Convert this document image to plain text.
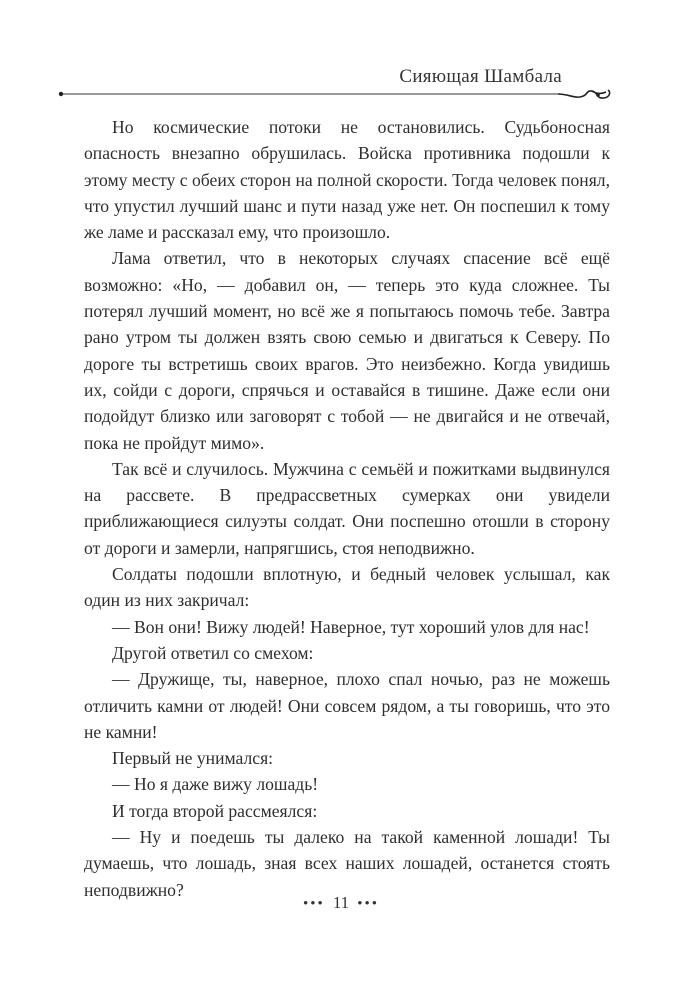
Сияющая Шамбала

Но космические потоки не остановились. Судьбоносная опасность внезапно обрушилась. Войска противника подошли к этому месту с обеих сторон на полной скорости. Тогда человек понял, что упустил лучший шанс и пути назад уже нет. Он поспешил к тому же ламе и рассказал ему, что произошло.

Лама ответил, что в некоторых случаях спасение всё ещё возможно: «Но, — добавил он, — теперь это куда сложнее. Ты потерял лучший момент, но всё же я попытаюсь помочь тебе. Завтра рано утром ты должен взять свою семью и двигаться к Северу. По дороге ты встретишь своих врагов. Это неизбежно. Когда увидишь их, сойди с дороги, спрячься и оставайся в тишине. Даже если они подойдут близко или заговорят с тобой — не двигайся и не отвечай, пока не пройдут мимо».

Так всё и случилось. Мужчина с семьёй и пожитками выдвинулся на рассвете. В предрассветных сумерках они увидели приближающиеся силуэты солдат. Они поспешно отошли в сторону от дороги и замерли, напрягшись, стоя неподвижно.

Солдаты подошли вплотную, и бедный человек услышал, как один из них закричал:

— Вон они! Вижу людей! Наверное, тут хороший улов для нас!

Другой ответил со смехом:

— Дружище, ты, наверное, плохо спал ночью, раз не можешь отличить камни от людей! Они совсем рядом, а ты говоришь, что это не камни!

Первый не унимался:

— Но я даже вижу лошадь!

И тогда второй рассмеялся:

— Ну и поедешь ты далеко на такой каменной лошади! Ты думаешь, что лошадь, зная всех наших лошадей, останется стоять неподвижно?

••• 11 •••
